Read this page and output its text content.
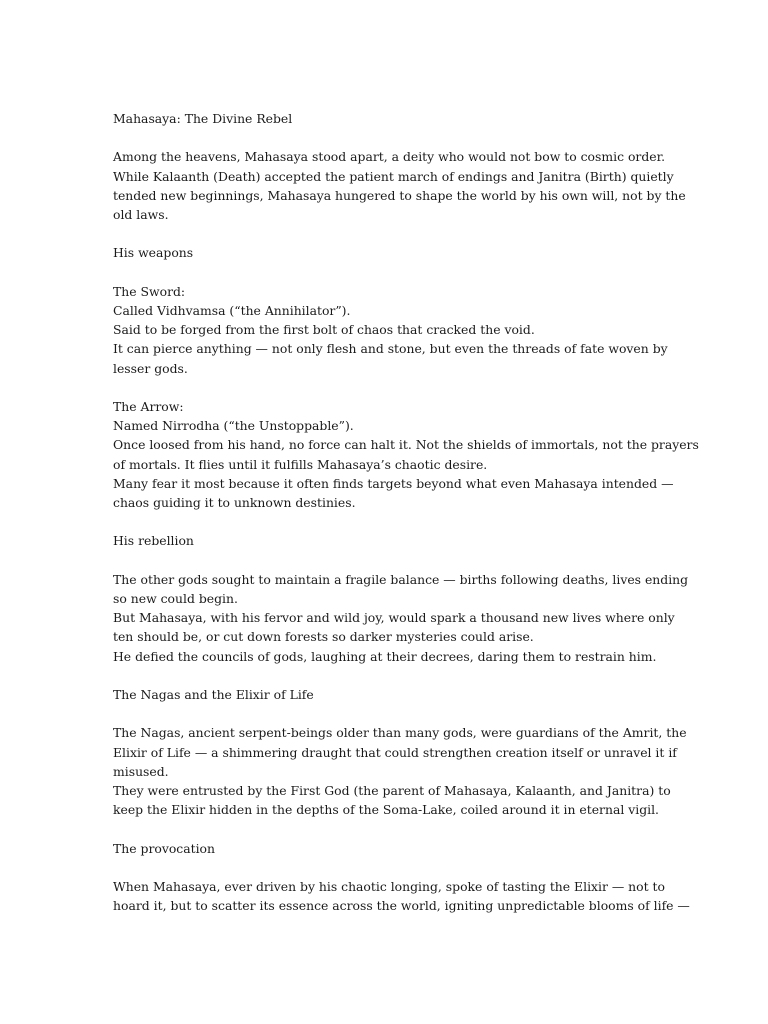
Mahasaya: The Divine Rebel

Among the heavens, Mahasaya stood apart, a deity who would not bow to cosmic order.
While Kalaanth (Death) accepted the patient march of endings and Janitra (Birth) quietly
tended new beginnings, Mahasaya hungered to shape the world by his own will, not by the
old laws.

His weapons

The Sword:
Called Vidhvamsa (“the Annihilator”).
Said to be forged from the first bolt of chaos that cracked the void.
It can pierce anything — not only flesh and stone, but even the threads of fate woven by
lesser gods.

The Arrow:
Named Nirrodha (“the Unstoppable”).
Once loosed from his hand, no force can halt it. Not the shields of immortals, not the prayers
of mortals. It flies until it fulfills Mahasaya’s chaotic desire.
Many fear it most because it often finds targets beyond what even Mahasaya intended —
chaos guiding it to unknown destinies.

His rebellion

The other gods sought to maintain a fragile balance — births following deaths, lives ending
so new could begin.
But Mahasaya, with his fervor and wild joy, would spark a thousand new lives where only
ten should be, or cut down forests so darker mysteries could arise.
He defied the councils of gods, laughing at their decrees, daring them to restrain him.

The Nagas and the Elixir of Life

The Nagas, ancient serpent-beings older than many gods, were guardians of the Amrit, the
Elixir of Life — a shimmering draught that could strengthen creation itself or unravel it if
misused.
They were entrusted by the First God (the parent of Mahasaya, Kalaanth, and Janitra) to
keep the Elixir hidden in the depths of the Soma-Lake, coiled around it in eternal vigil.

The provocation

When Mahasaya, ever driven by his chaotic longing, spoke of tasting the Elixir — not to
hoard it, but to scatter its essence across the world, igniting unpredictable blooms of life —
